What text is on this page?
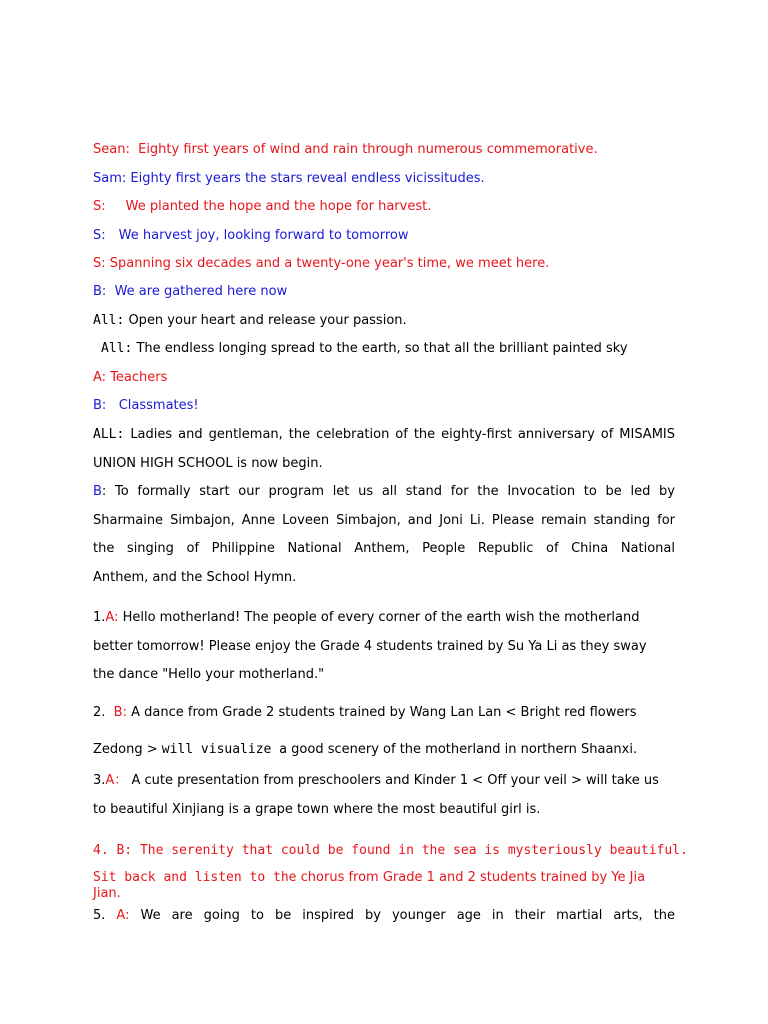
Sean: Eighty first years of wind and rain through numerous commemorative.
Sam: Eighty first years the stars reveal endless vicissitudes.
S: We planted the hope and the hope for harvest.
S: We harvest joy, looking forward to tomorrow
S: Spanning six decades and a twenty-one year's time, we meet here.
B: We are gathered here now
All: Open your heart and release your passion.
All: The endless longing spread to the earth, so that all the brilliant painted sky
A: Teachers
B: Classmates!
ALL: Ladies and gentleman, the celebration of the eighty-first anniversary of MISAMIS
UNION HIGH SCHOOL is now begin.
B: To formally start our program let us all stand for the Invocation to be led by
Sharmaine Simbajon, Anne Loveen Simbajon, and Joni Li. Please remain standing for
the singing of Philippine National Anthem, People Republic of China National
Anthem, and the School Hymn.
1.A: Hello motherland! The people of every corner of the earth wish the motherland
better tomorrow! Please enjoy the Grade 4 students trained by Su Ya Li as they sway
the dance "Hello your motherland."
2. B: A dance from Grade 2 students trained by Wang Lan Lan < Bright red flowers
Zedong > will visualize a good scenery of the motherland in northern Shaanxi.
3.A： A cute presentation from preschoolers and Kinder 1 < Off your veil > will take us
to beautiful Xinjiang is a grape town where the most beautiful girl is.
4. B: The serenity that could be found in the sea is mysteriously beautiful.
Sit back and listen to the chorus from Grade 1 and 2 students trained by Ye Jia
Jian.
5. A: We are going to be inspired by younger age in their martial arts, the
